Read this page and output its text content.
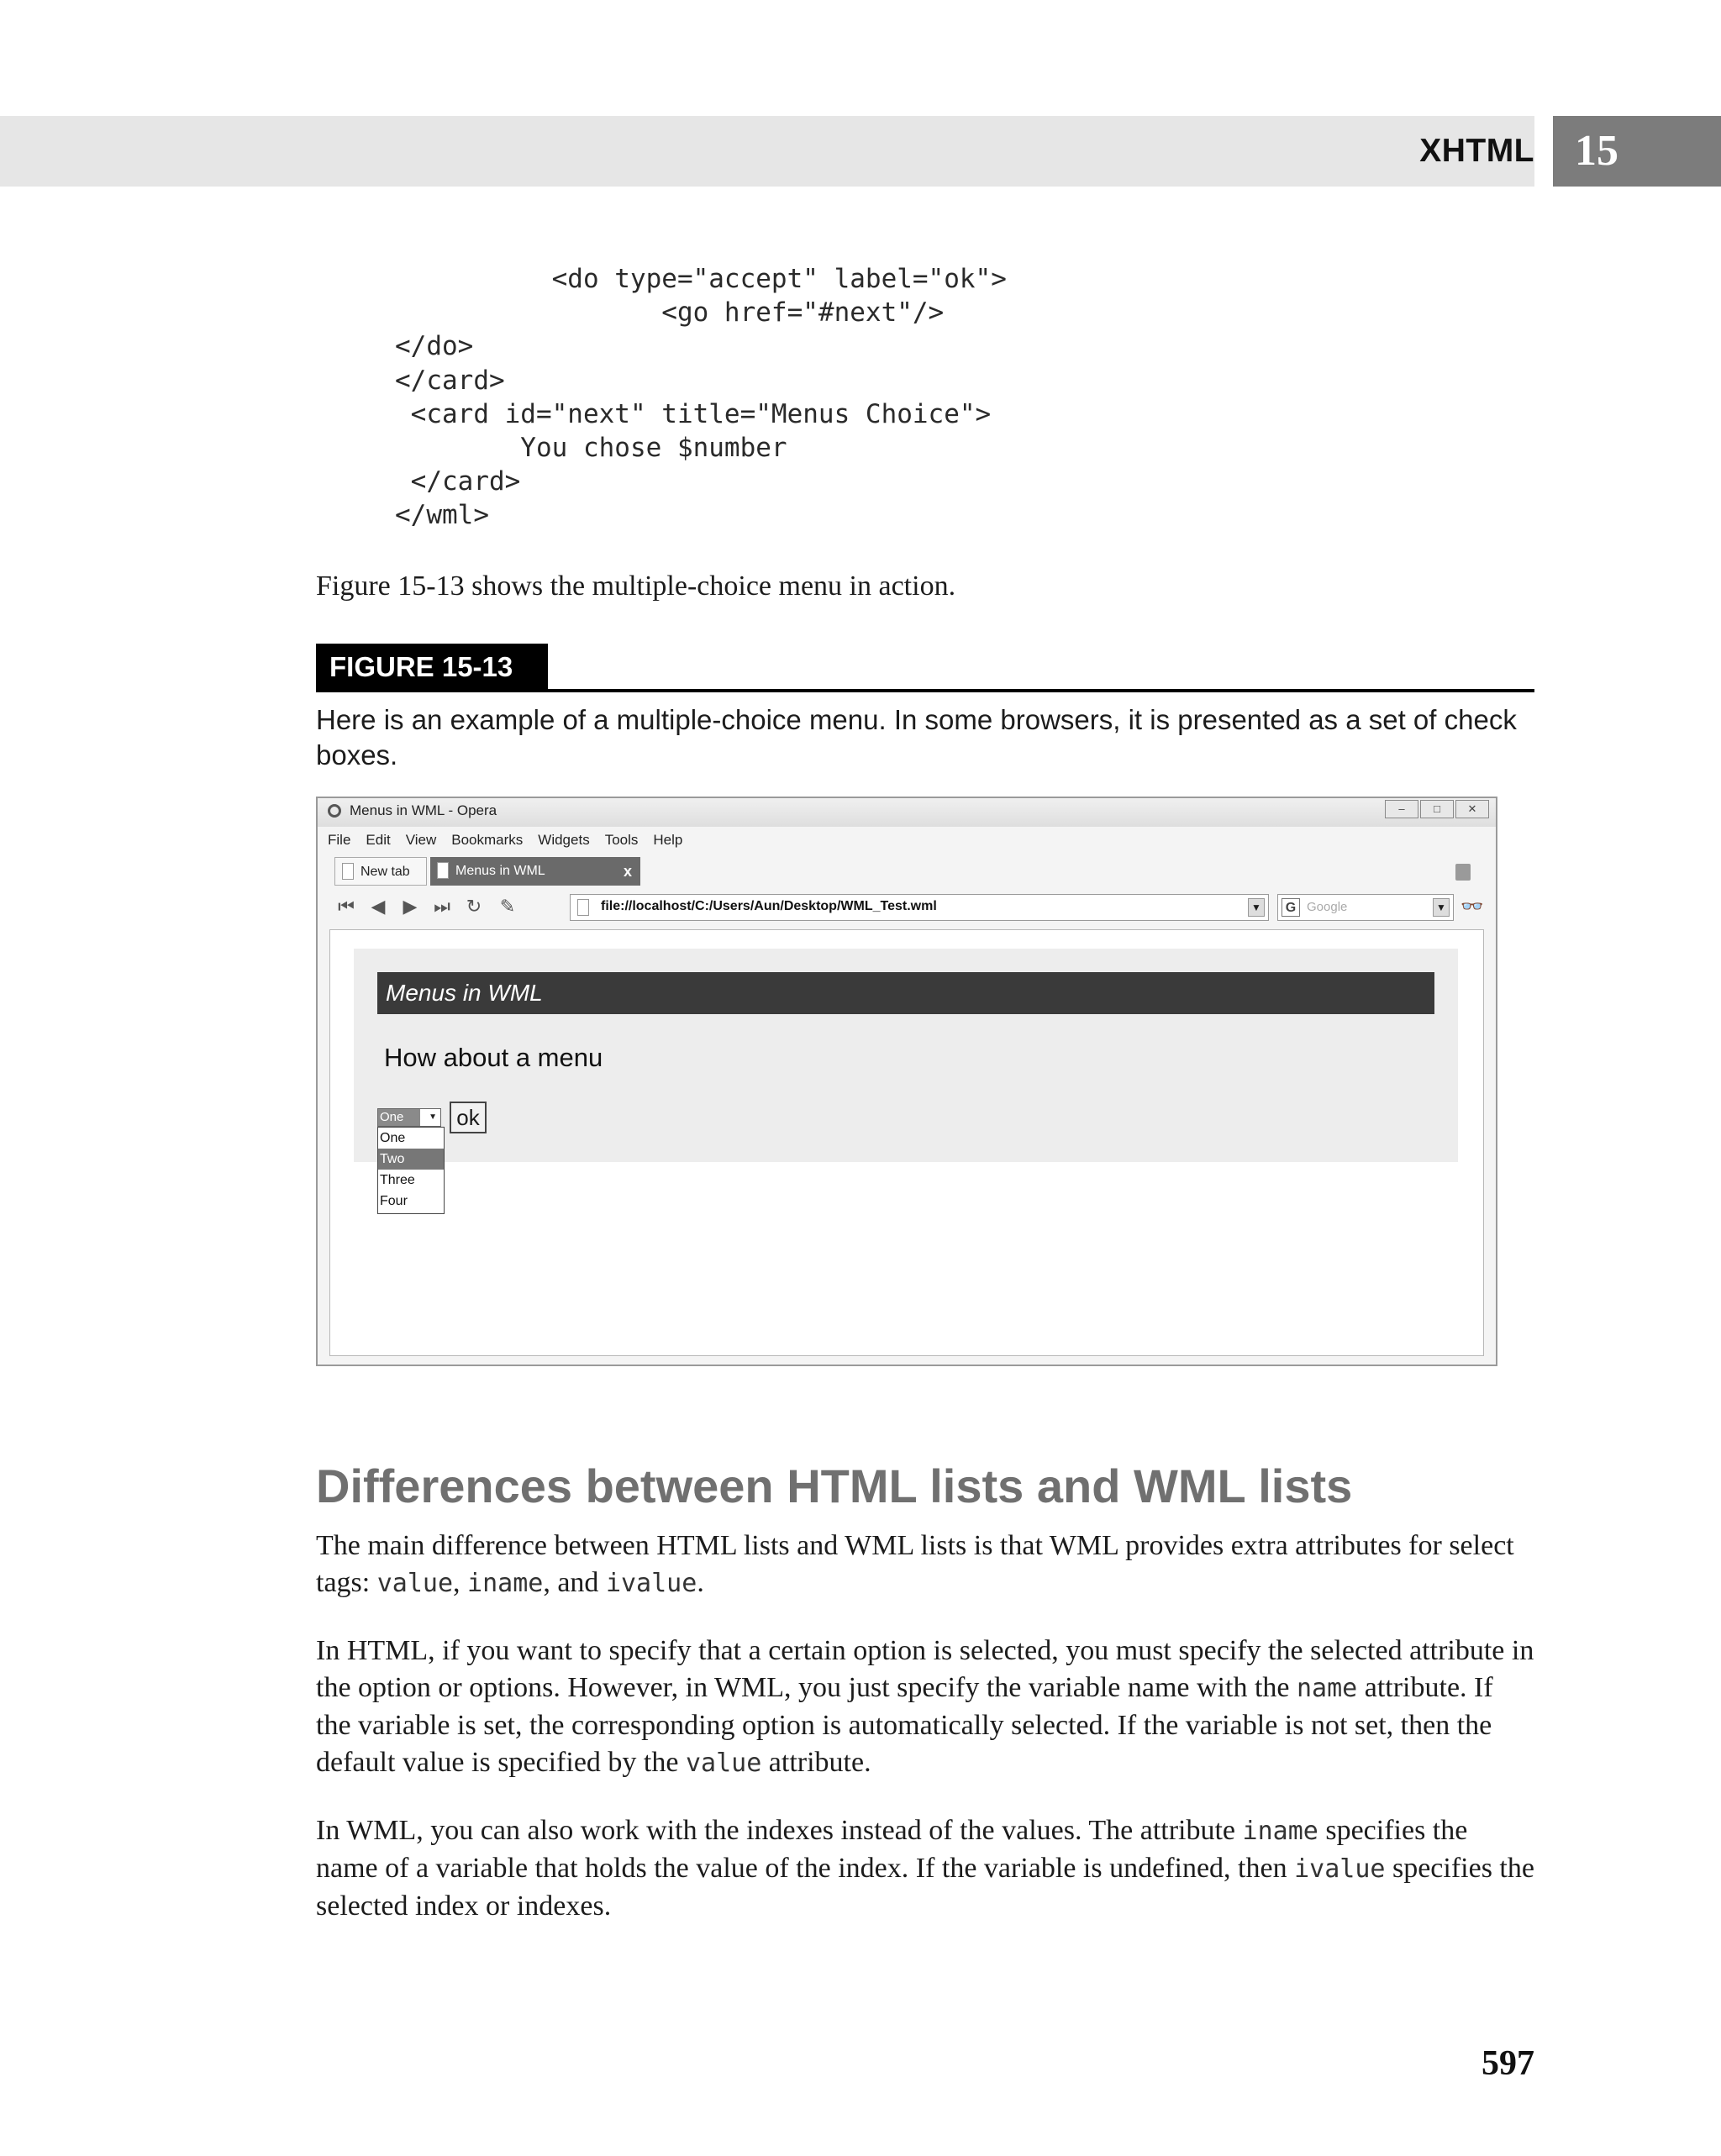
XHTML 15
<do type="accept" label="ok">
<go href="#next"/>
</do>
</card>
<card id="next" title="Menus Choice">
You chose $number
</card>
</wml>

Figure 15-13 shows the multiple-choice menu in action.

FIGURE 15-13

Here is an example of a multiple-choice menu. In some browsers, it is presented as a set of check boxes.

Menus in WML - Opera	–	□	✕
File Edit View Bookmarks Widgets Tools Help
New tab	Menus in WML	x
⏮ ◀ ▶ ⏭ ↻ ✎	file://localhost/C:/Users/Aun/Desktop/WML_Test.wml	▼ G Google	▼ 👓
Menus in WML
How about a menu
One	▼ ok
One
Two
Three
Four
Differences between HTML lists and WML lists

The main difference between HTML lists and WML lists is that WML provides extra attributes for select tags: value, iname, and ivalue.

In HTML, if you want to specify that a certain option is selected, you must specify the selected attribute in the option or options. However, in WML, you just specify the variable name with the name attribute. If the variable is set, the corresponding option is automatically selected. If the variable is not set, then the default value is specified by the value attribute.

In WML, you can also work with the indexes instead of the values. The attribute iname specifies the name of a variable that holds the value of the index. If the variable is undefined, then ivalue specifies the selected index or indexes.

597
